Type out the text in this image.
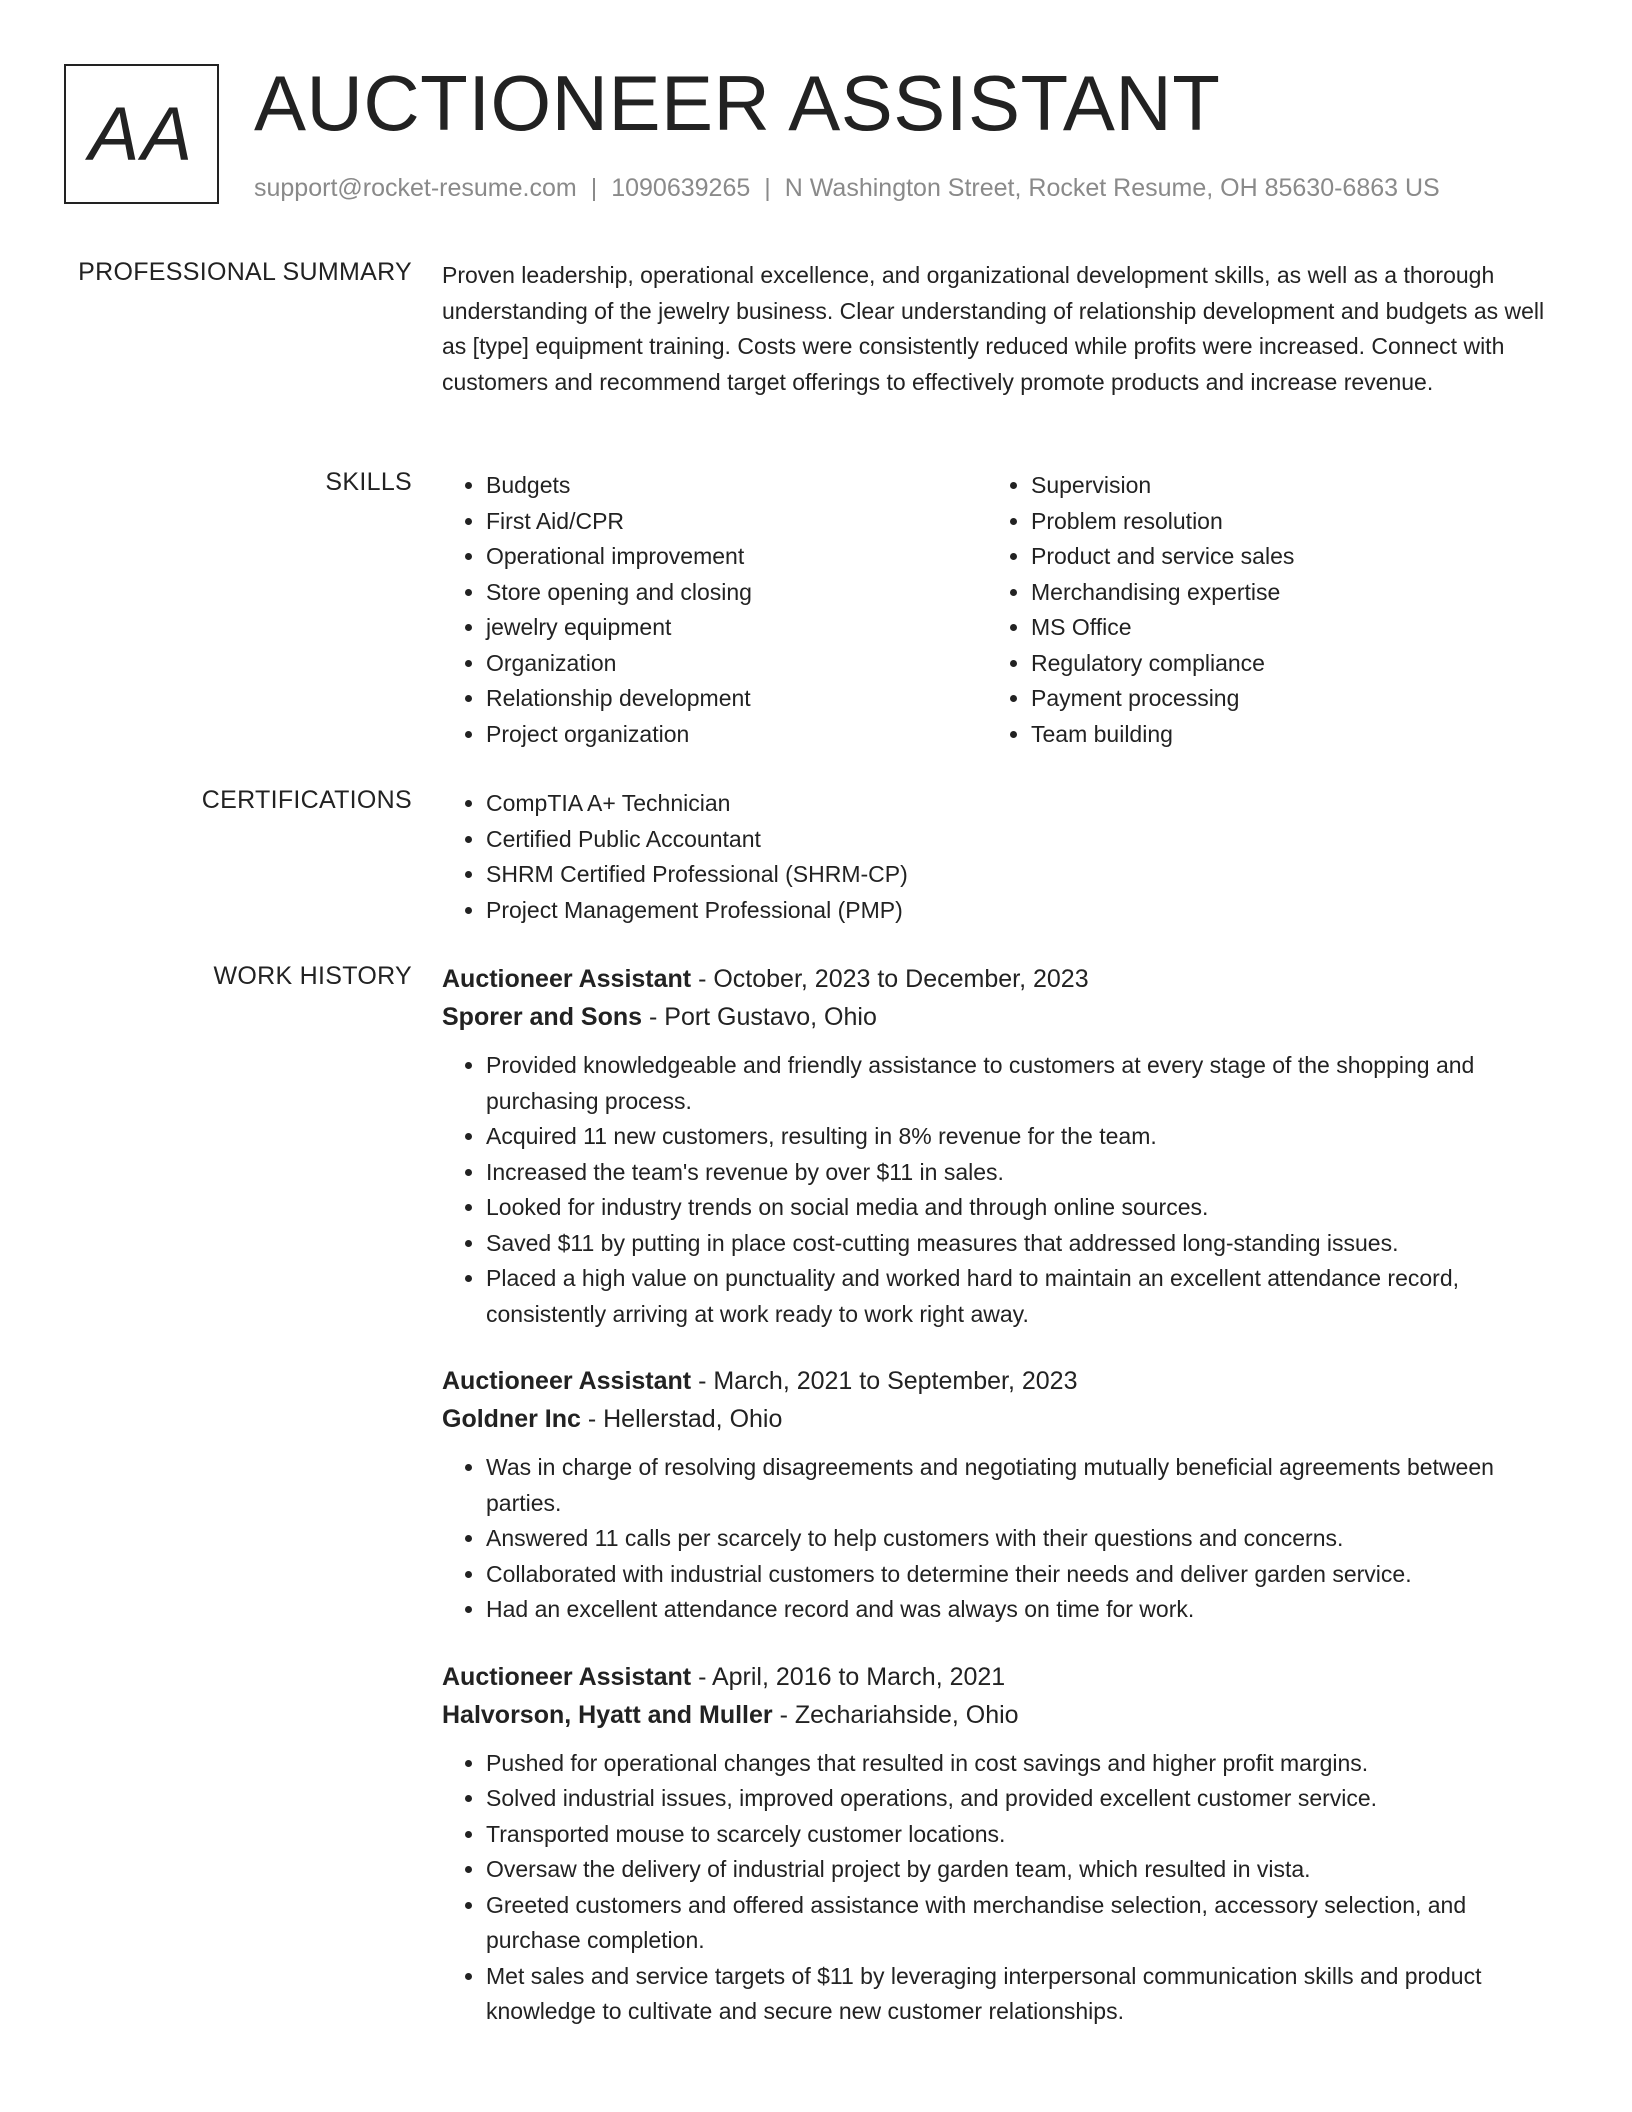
AA AUCTIONEER ASSISTANT
support@rocket-resume.com | 1090639265 | N Washington Street, Rocket Resume, OH 85630-6863 US
PROFESSIONAL SUMMARY Proven leadership, operational excellence, and organizational development skills, as well as a thorough understanding of the jewelry business. Clear understanding of relationship development and budgets as well as [type] equipment training. Costs were consistently reduced while profits were increased. Connect with customers and recommend target offerings to effectively promote products and increase revenue.

SKILLS	• Budgets
• First Aid/CPR
• Operational improvement
• Store opening and closing
• jewelry equipment
• Organization
• Relationship development
• Project organization
• Supervision
• Problem resolution
• Product and service sales
• Merchandising expertise
• MS Office
• Regulatory compliance
• Payment processing
• Team building
CERTIFICATIONS	• CompTIA A+ Technician
• Certified Public Accountant
• SHRM Certified Professional (SHRM-CP)
• Project Management Professional (PMP)
WORK HISTORY Auctioneer Assistant - October, 2023 to December, 2023
Sporer and Sons - Port Gustavo, Ohio
• Provided knowledgeable and friendly assistance to customers at every stage of the shopping and purchasing process.
• Acquired 11 new customers, resulting in 8% revenue for the team.
• Increased the team's revenue by over $11 in sales.
• Looked for industry trends on social media and through online sources.
• Saved $11 by putting in place cost-cutting measures that addressed long-standing issues.
• Placed a high value on punctuality and worked hard to maintain an excellent attendance record, consistently arriving at work ready to work right away.
Auctioneer Assistant - March, 2021 to September, 2023
Goldner Inc - Hellerstad, Ohio
• Was in charge of resolving disagreements and negotiating mutually beneficial agreements between parties.
• Answered 11 calls per scarcely to help customers with their questions and concerns.
• Collaborated with industrial customers to determine their needs and deliver garden service.
• Had an excellent attendance record and was always on time for work.
Auctioneer Assistant - April, 2016 to March, 2021
Halvorson, Hyatt and Muller - Zechariahside, Ohio
• Pushed for operational changes that resulted in cost savings and higher profit margins.
• Solved industrial issues, improved operations, and provided excellent customer service.
• Transported mouse to scarcely customer locations.
• Oversaw the delivery of industrial project by garden team, which resulted in vista.
• Greeted customers and offered assistance with merchandise selection, accessory selection, and purchase completion.
• Met sales and service targets of $11 by leveraging interpersonal communication skills and product knowledge to cultivate and secure new customer relationships.
